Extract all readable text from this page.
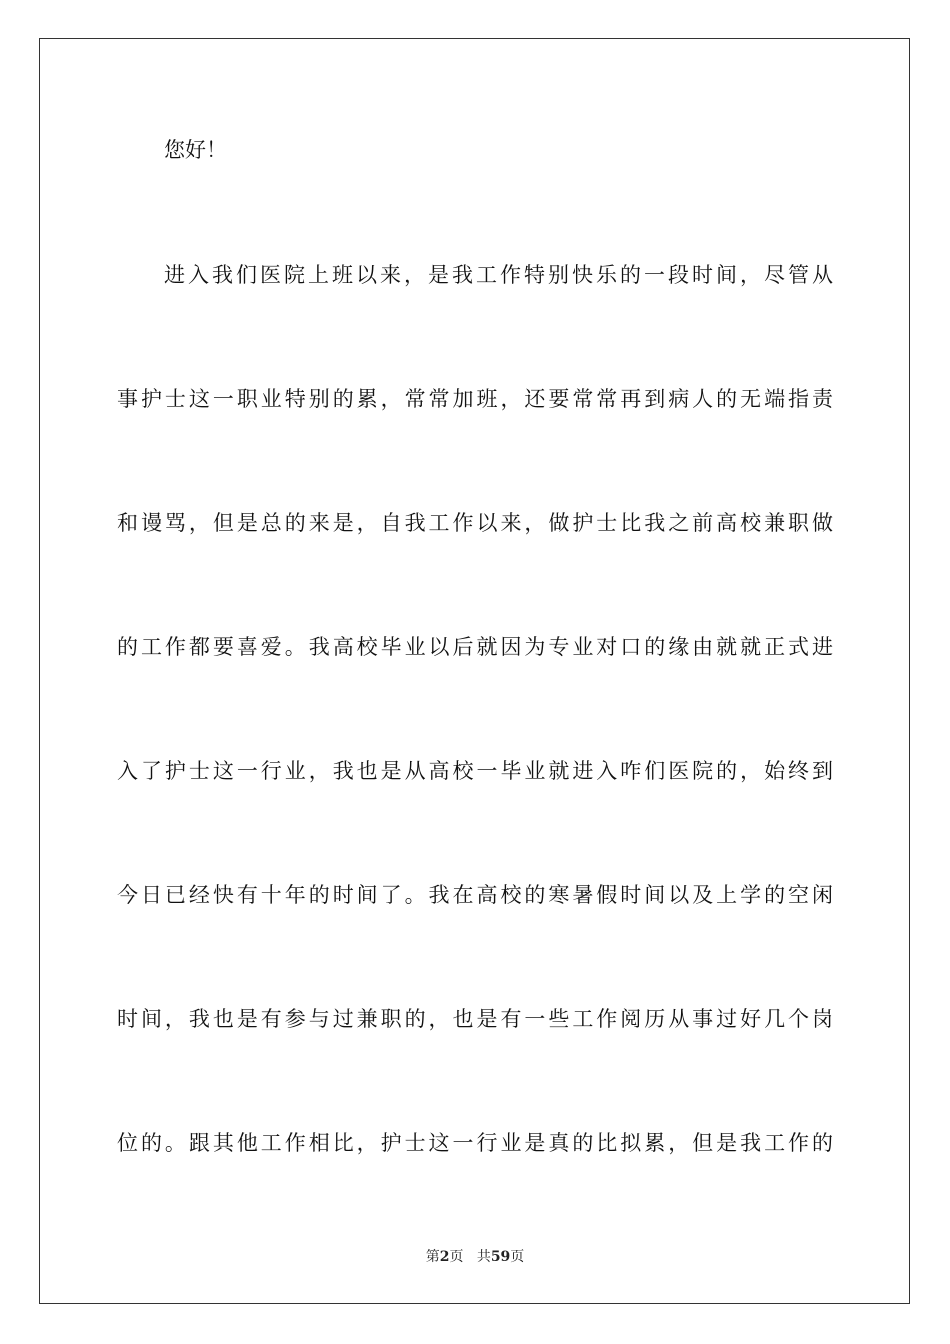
您好！
进入我们医院上班以来，是我工作特别快乐的一段时间，尽管从
事护士这一职业特别的累，常常加班，还要常常再到病人的无端指责
和谩骂，但是总的来是，自我工作以来，做护士比我之前高校兼职做
的工作都要喜爱。我高校毕业以后就因为专业对口的缘由就就正式进
入了护士这一行业，我也是从高校一毕业就进入咋们医院的，始终到
今日已经快有十年的时间了。我在高校的寒暑假时间以及上学的空闲
时间，我也是有参与过兼职的，也是有一些工作阅历从事过好几个岗
位的。跟其他工作相比，护士这一行业是真的比拟累，但是我工作的
第2页 共59页
